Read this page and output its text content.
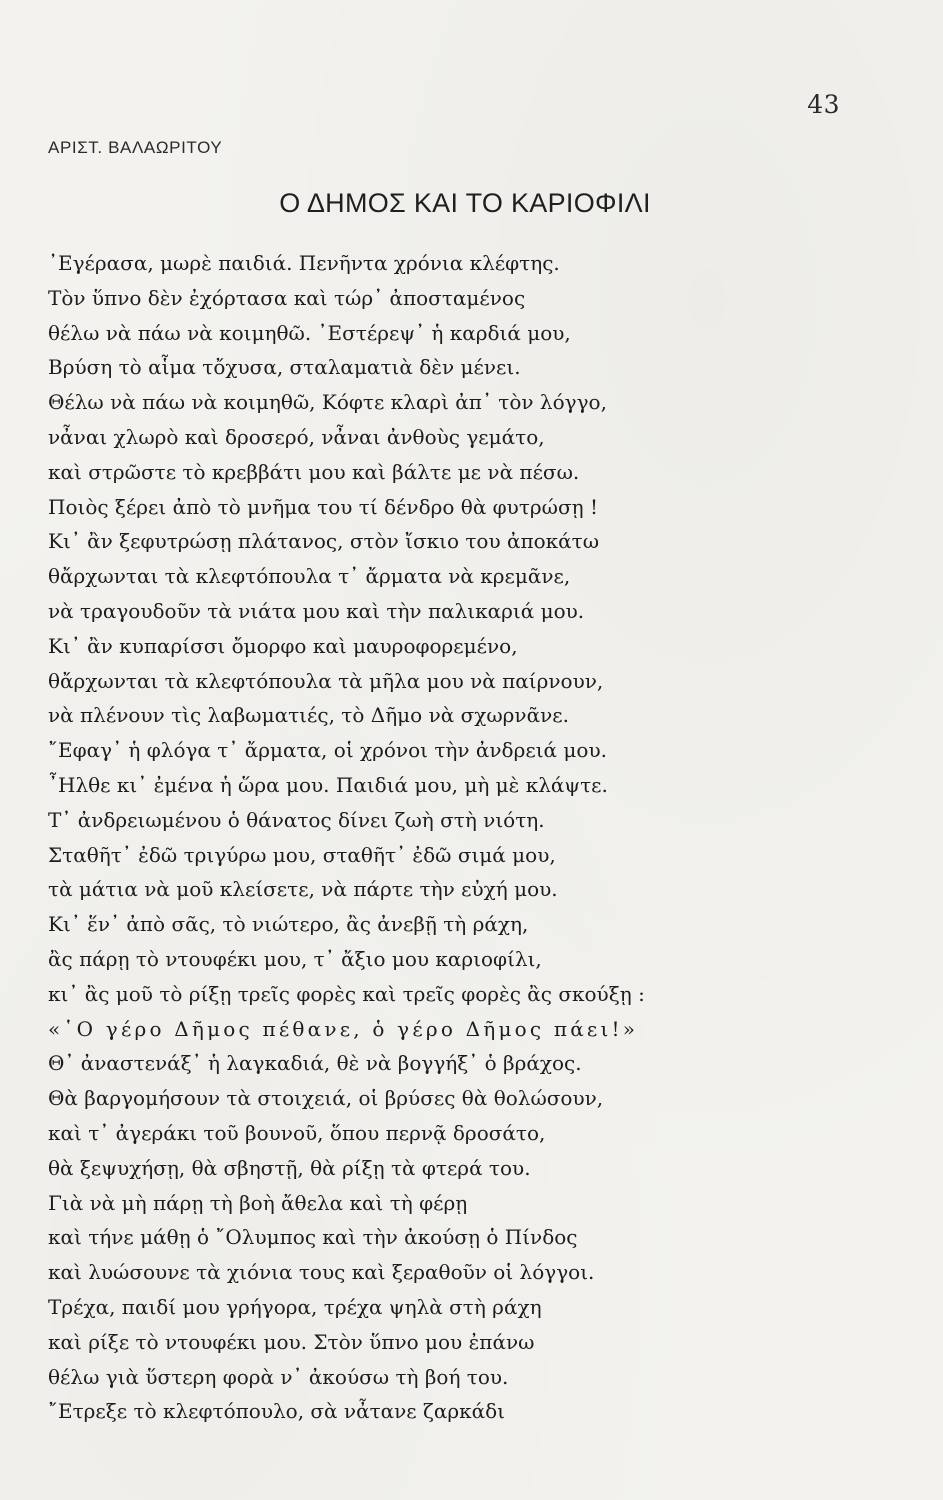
43
ΑΡΙΣΤ. ΒΑΛΑΩΡΙΤΟΥ
Ο ΔΗΜΟΣ ΚΑΙ ΤΟ ΚΑΡΙΟΦΙΛΙ
᾿Εγέρασα, μωρὲ παιδιά. Πενῆντα χρόνια κλέφτης.
Τὸν ὕπνο δὲν ἐχόρτασα καὶ τώρ᾿ ἀποσταμένος
θέλω νὰ πάω νὰ κοιμηθῶ. ᾿Εστέρεψ᾿ ἡ καρδιά μου,
Βρύση τὸ αἷμα τὄχυσα, σταλαματιὰ δὲν μένει.
Θέλω νὰ πάω νὰ κοιμηθῶ, Κόφτε κλαρὶ ἀπ᾿ τὸν λόγγο,
νἆναι χλωρὸ καὶ δροσερό, νἆναι ἀνθοὺς γεμάτο,
καὶ στρῶστε τὸ κρεββάτι μου καὶ βάλτε με νὰ πέσω.
Ποιὸς ξέρει ἀπὸ τὸ μνῆμα του τί δένδρο θὰ φυτρώσῃ !
Κι᾿ ἂν ξεφυτρώσῃ πλάτανος, στὸν ἴσκιο του ἀποκάτω
θἄρχωνται τὰ κλεφτόπουλα τ᾿ ἄρματα νὰ κρεμᾶνε,
νὰ τραγουδοῦν τὰ νιάτα μου καὶ τὴν παλικαριά μου.
Κι᾿ ἂν κυπαρίσσι ὄμορφο καὶ μαυροφορεμένο,
θἄρχωνται τὰ κλεφτόπουλα τὰ μῆλα μου νὰ παίρνουν,
νὰ πλένουν τὶς λαβωματιές, τὸ Δῆμο νὰ σχωρνᾶνε.
῎Εφαγ᾿ ἡ φλόγα τ᾿ ἄρματα, οἱ χρόνοι τὴν ἀνδρειά μου.
῏Ηλθε κι᾿ ἐμένα ἡ ὥρα μου. Παιδιά μου, μὴ μὲ κλάψτε.
Τ᾿ ἀνδρειωμένου ὁ θάνατος δίνει ζωὴ στὴ νιότη.
Σταθῆτ᾿ ἐδῶ τριγύρω μου, σταθῆτ᾿ ἐδῶ σιμά μου,
τὰ μάτια νὰ μοῦ κλείσετε, νὰ πάρτε τὴν εὐχή μου.
Κι᾿ ἕν᾿ ἀπὸ σᾶς, τὸ νιώτερο, ἂς ἀνεβῇ τὴ ράχη,
ἂς πάρῃ τὸ ντουφέκι μου, τ᾿ ἄξιο μου καριοφίλι,
κι᾿ ἂς μοῦ τὸ ρίξῃ τρεῖς φορὲς καὶ τρεῖς φορὲς ἂς σκούξῃ :
«῾Ο γέρο Δῆμος πέθανε, ὁ γέρο Δῆμος πάει!»
Θ᾿ ἀναστενάξ᾿ ἡ λαγκαδιά, θὲ νὰ βογγήξ᾿ ὁ βράχος.
Θὰ βαργομήσουν τὰ στοιχειά, οἱ βρύσες θὰ θολώσουν,
καὶ τ᾿ ἀγεράκι τοῦ βουνοῦ, ὅπου περνᾷ δροσάτο,
θὰ ξεψυχήσῃ, θὰ σβηστῇ, θὰ ρίξῃ τὰ φτερά του.
Γιὰ νὰ μὴ πάρῃ τὴ βοὴ ἄθελα καὶ τὴ φέρῃ
καὶ τήνε μάθῃ ὁ ῎Ολυμπος καὶ τὴν ἀκούσῃ ὁ Πίνδος
καὶ λυώσουνε τὰ χιόνια τους καὶ ξεραθοῦν οἱ λόγγοι.
Τρέχα, παιδί μου γρήγορα, τρέχα ψηλὰ στὴ ράχη
καὶ ρίξε τὸ ντουφέκι μου. Στὸν ὕπνο μου ἐπάνω
θέλω γιὰ ὕστερη φορὰ ν᾿ ἀκούσω τὴ βοή του.
῎Ετρεξε τὸ κλεφτόπουλο, σὰ νἆτανε ζαρκάδι
